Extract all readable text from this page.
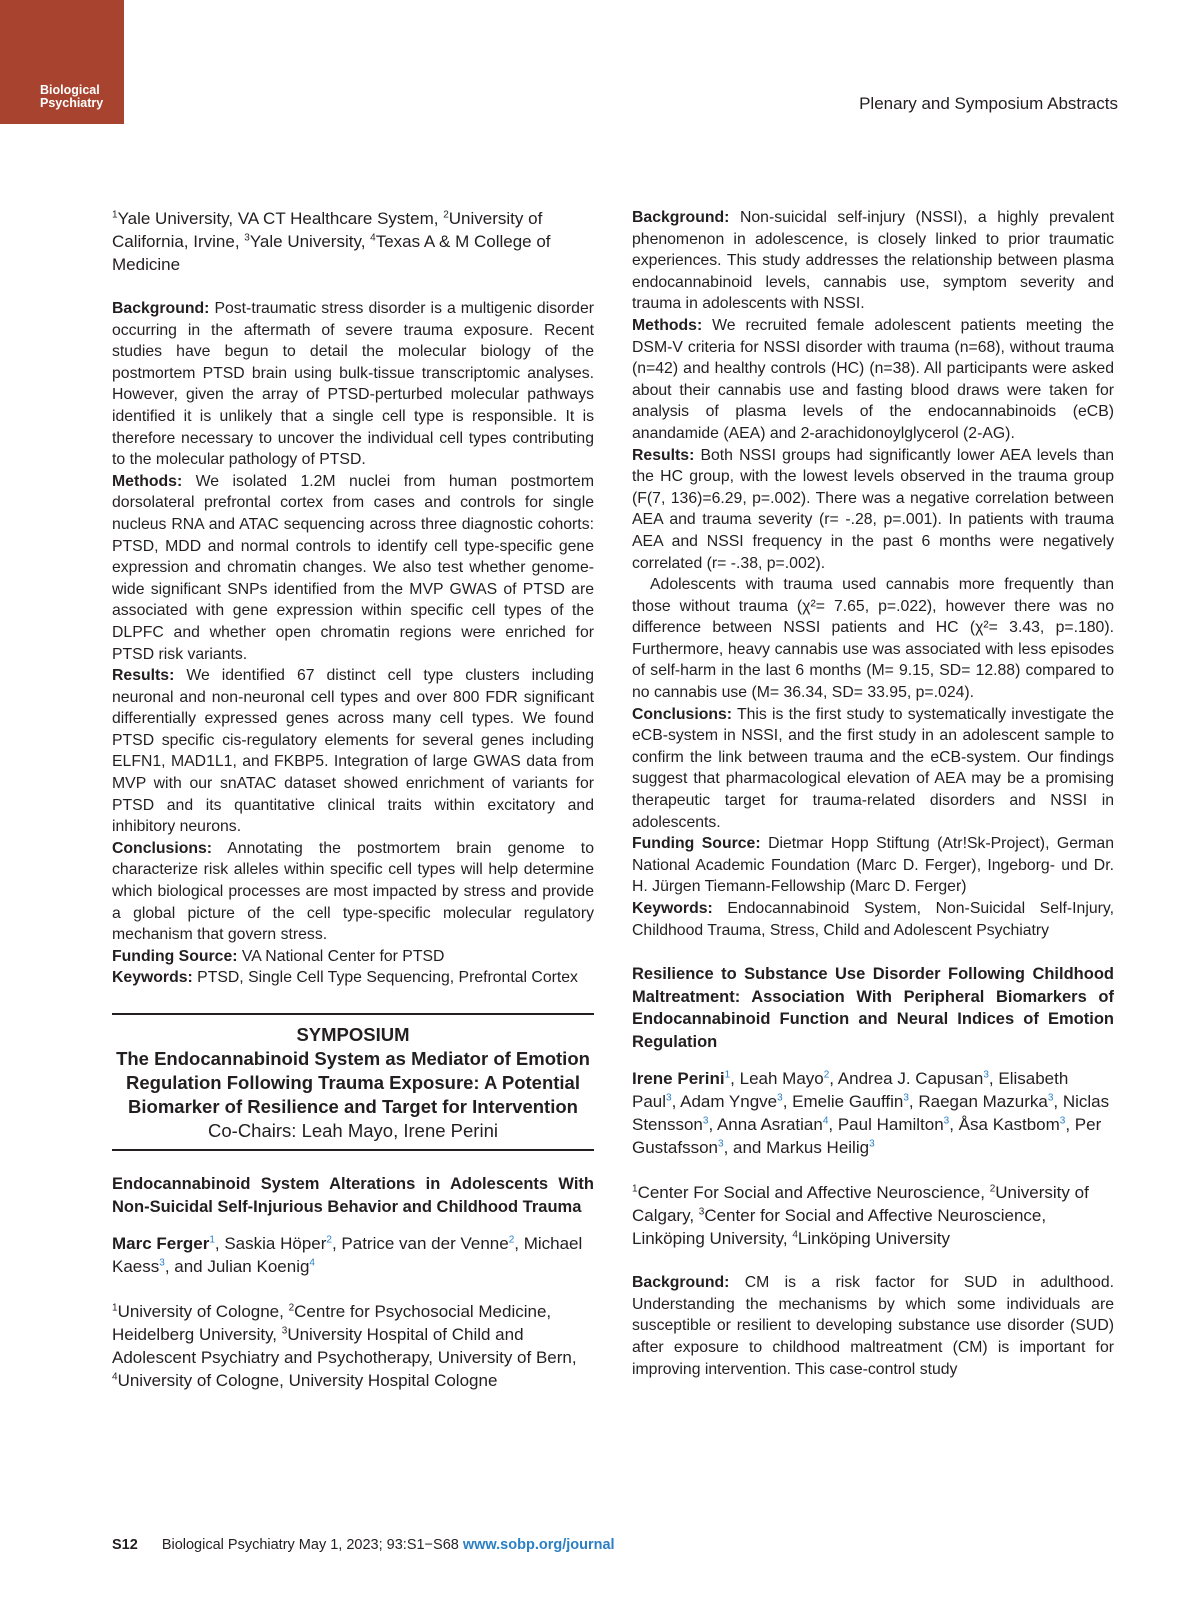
Biological
Psychiatry	Plenary and Symposium Abstracts

$^1$Yale University, VA CT Healthcare System, $^2$University of California, Irvine, $^3$Yale University, $^4$Texas A & M College of Medicine

Background: Post-traumatic stress disorder is a multigenic disorder occurring in the aftermath of severe trauma exposure. Recent studies have begun to detail the molecular biology of the postmortem PTSD brain using bulk-tissue transcriptomic analyses. However, given the array of PTSD-perturbed molecular pathways identified it is unlikely that a single cell type is responsible. It is therefore necessary to uncover the individual cell types contributing to the molecular pathology of PTSD.

Methods: We isolated 1.2M nuclei from human postmortem dorsolateral prefrontal cortex from cases and controls for single nucleus RNA and ATAC sequencing across three diagnostic cohorts: PTSD, MDD and normal controls to identify cell type-specific gene expression and chromatin changes. We also test whether genome-wide significant SNPs identified from the MVP GWAS of PTSD are associated with gene expression within specific cell types of the DLPFC and whether open chromatin regions were enriched for PTSD risk variants.

Results: We identified 67 distinct cell type clusters including neuronal and non-neuronal cell types and over 800 FDR significant differentially expressed genes across many cell types. We found PTSD specific cis-regulatory elements for several genes including ELFN1, MAD1L1, and FKBP5. Integration of large GWAS data from MVP with our snATAC dataset showed enrichment of variants for PTSD and its quantitative clinical traits within excitatory and inhibitory neurons.

Conclusions: Annotating the postmortem brain genome to characterize risk alleles within specific cell types will help determine which biological processes are most impacted by stress and provide a global picture of the cell type-specific molecular regulatory mechanism that govern stress.

Funding Source: VA National Center for PTSD

Keywords: PTSD, Single Cell Type Sequencing, Prefrontal Cortex

SYMPOSIUM
The Endocannabinoid System as Mediator of Emotion Regulation Following Trauma Exposure: A Potential Biomarker of Resilience and Target for Intervention
Co-Chairs: Leah Mayo, Irene Perini

Endocannabinoid System Alterations in Adolescents With Non-Suicidal Self-Injurious Behavior and Childhood Trauma

Marc Ferger$^1$, Saskia Höper$^2$, Patrice van der Venne$^2$, Michael Kaess$^3$, and Julian Koenig$^4$

$^1$University of Cologne, $^2$Centre for Psychosocial Medicine, Heidelberg University, $^3$University Hospital of Child and Adolescent Psychiatry and Psychotherapy, University of Bern, $^4$University of Cologne, University Hospital Cologne

Background: Non-suicidal self-injury (NSSI), a highly prevalent phenomenon in adolescence, is closely linked to prior traumatic experiences. This study addresses the relationship between plasma endocannabinoid levels, cannabis use, symptom severity and trauma in adolescents with NSSI.

Methods: We recruited female adolescent patients meeting the DSM-V criteria for NSSI disorder with trauma (n=68), without trauma (n=42) and healthy controls (HC) (n=38). All participants were asked about their cannabis use and fasting blood draws were taken for analysis of plasma levels of the endocannabinoids (eCB) anandamide (AEA) and 2-arachidonoylglycerol (2-AG).

Results: Both NSSI groups had significantly lower AEA levels than the HC group, with the lowest levels observed in the trauma group (F(7, 136)=6.29, p=.002). There was a negative correlation between AEA and trauma severity (r= -.28, p=.001). In patients with trauma AEA and NSSI frequency in the past 6 months were negatively correlated (r= -.38, p=.002).

Adolescents with trauma used cannabis more frequently than those without trauma (χ²= 7.65, p=.022), however there was no difference between NSSI patients and HC (χ²= 3.43, p=.180). Furthermore, heavy cannabis use was associated with less episodes of self-harm in the last 6 months (M= 9.15, SD= 12.88) compared to no cannabis use (M= 36.34, SD= 33.95, p=.024).

Conclusions: This is the first study to systematically investigate the eCB-system in NSSI, and the first study in an adolescent sample to confirm the link between trauma and the eCB-system. Our findings suggest that pharmacological elevation of AEA may be a promising therapeutic target for trauma-related disorders and NSSI in adolescents.

Funding Source: Dietmar Hopp Stiftung (Atr!Sk-Project), German National Academic Foundation (Marc D. Ferger), Ingeborg- und Dr. H. Jürgen Tiemann-Fellowship (Marc D. Ferger)

Keywords: Endocannabinoid System, Non-Suicidal Self-Injury, Childhood Trauma, Stress, Child and Adolescent Psychiatry

Resilience to Substance Use Disorder Following Childhood Maltreatment: Association With Peripheral Biomarkers of Endocannabinoid Function and Neural Indices of Emotion Regulation

Irene Perini$^1$, Leah Mayo$^2$, Andrea J. Capusan$^3$, Elisabeth Paul$^3$, Adam Yngve$^3$, Emelie Gauffin$^3$, Raegan Mazurka$^3$, Niclas Stensson$^3$, Anna Asratian$^4$, Paul Hamilton$^3$, Åsa Kastbom$^3$, Per Gustafsson$^3$, and Markus Heilig$^3$

$^1$Center For Social and Affective Neuroscience, $^2$University of Calgary, $^3$Center for Social and Affective Neuroscience, Linköping University, $^4$Linköping University

Background: CM is a risk factor for SUD in adulthood. Understanding the mechanisms by which some individuals are susceptible or resilient to developing substance use disorder (SUD) after exposure to childhood maltreatment (CM) is important for improving intervention. This case-control study

S12 Biological Psychiatry May 1, 2023; 93:S1−S68 www.sobp.org/journal
